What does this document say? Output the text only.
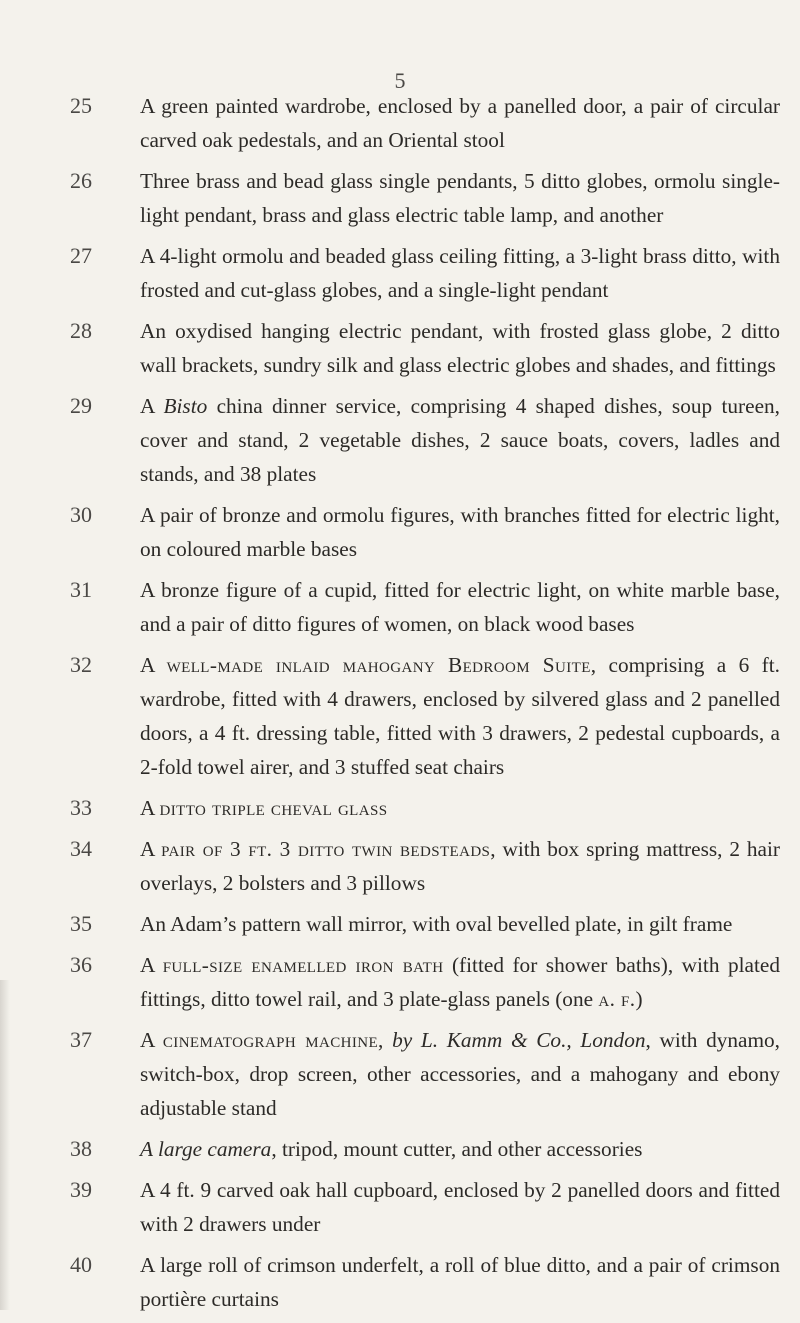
5
25	A green painted wardrobe, enclosed by a panelled door, a pair of circular carved oak pedestals, and an Oriental stool
26	Three brass and bead glass single pendants, 5 ditto globes, ormolu single-light pendant, brass and glass electric table lamp, and another
27	A 4-light ormolu and beaded glass ceiling fitting, a 3-light brass ditto, with frosted and cut-glass globes, and a single-light pendant
28	An oxydised hanging electric pendant, with frosted glass globe, 2 ditto wall brackets, sundry silk and glass electric globes and shades, and fittings
29	A Bisto china dinner service, comprising 4 shaped dishes, soup tureen, cover and stand, 2 vegetable dishes, 2 sauce boats, covers, ladles and stands, and 38 plates
30	A pair of bronze and ormolu figures, with branches fitted for electric light, on coloured marble bases
31	A bronze figure of a cupid, fitted for electric light, on white marble base, and a pair of ditto figures of women, on black wood bases
32	A well-made inlaid mahogany Bedroom Suite, comprising a 6 ft. wardrobe, fitted with 4 drawers, enclosed by silvered glass and 2 panelled doors, a 4 ft. dressing table, fitted with 3 drawers, 2 pedestal cupboards, a 2-fold towel airer, and 3 stuffed seat chairs
33	A ditto triple cheval glass
34	A pair of 3 ft. 3 ditto twin bedsteads, with box spring mattress, 2 hair overlays, 2 bolsters and 3 pillows
35	An Adam’s pattern wall mirror, with oval bevelled plate, in gilt frame
36	A full-size enamelled iron bath (fitted for shower baths), with plated fittings, ditto towel rail, and 3 plate-glass panels (one a. f.)
37	A cinematograph machine, by L. Kamm & Co., London, with dynamo, switch-box, drop screen, other accessories, and a mahogany and ebony adjustable stand
38	A large camera, tripod, mount cutter, and other accessories
39	A 4 ft. 9 carved oak hall cupboard, enclosed by 2 panelled doors and fitted with 2 drawers under
40	A large roll of crimson underfelt, a roll of blue ditto, and a pair of crimson portière curtains
